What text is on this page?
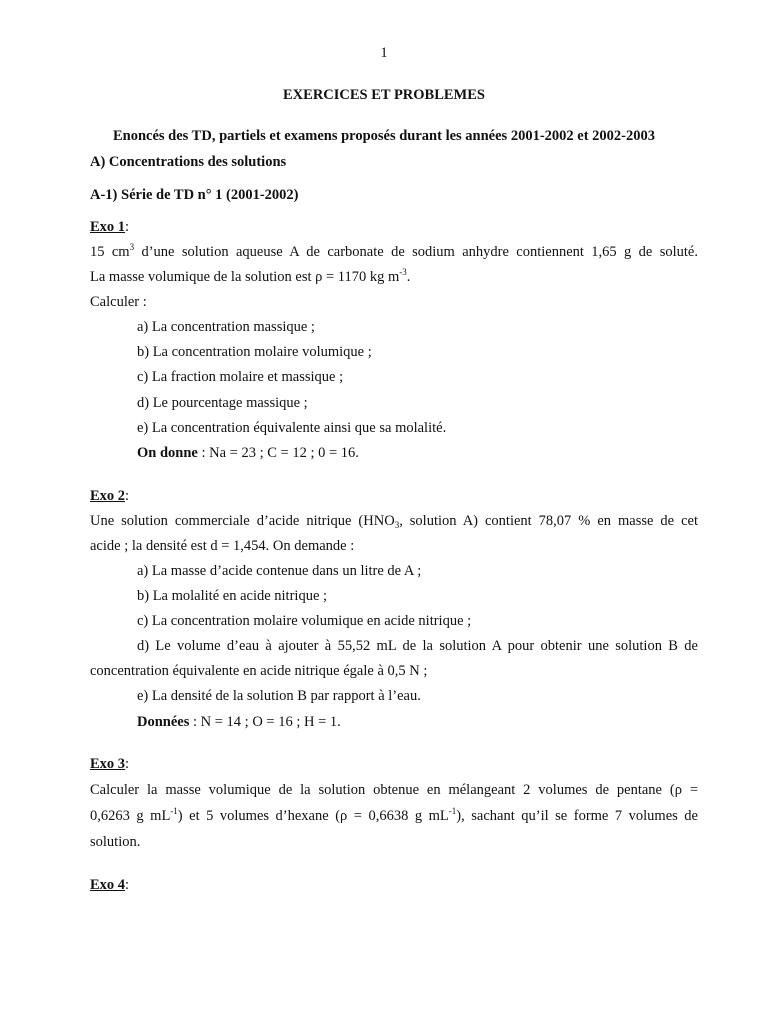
1
EXERCICES ET PROBLEMES
Enoncés des TD, partiels et examens proposés durant les années 2001-2002 et 2002-2003
A) Concentrations des solutions
A-1) Série de TD n° 1 (2001-2002)
Exo 1:
15 $cm^3$ d’une solution aqueuse A de carbonate de sodium anhydre contiennent 1,65 g de soluté.
La masse volumique de la solution est ρ = 1170 kg $m^{-3}$.
Calculer :
a) La concentration massique ;
b) La concentration molaire volumique ;
c) La fraction molaire et massique ;
d) Le pourcentage massique ;
e) La concentration équivalente ainsi que sa molalité.
On donne : Na = 23 ; C = 12 ; 0 = 16.
Exo 2:
Une solution commerciale d’acide nitrique ($HNO_3$, solution A) contient 78,07 % en masse de cet
acide ; la densité est d = 1,454. On demande :
a) La masse d’acide contenue dans un litre de A ;
b) La molalité en acide nitrique ;
c) La concentration molaire volumique en acide nitrique ;
d) Le volume d’eau à ajouter à 55,52 mL de la solution A pour obtenir une solution B de
concentration équivalente en acide nitrique égale à 0,5 N ;
e) La densité de la solution B par rapport à l’eau.
Données : N = 14 ; O = 16 ; H = 1.
Exo 3:
Calculer la masse volumique de la solution obtenue en mélangeant 2 volumes de pentane (ρ =
0,6263 g $mL^{-1}$) et 5 volumes d’hexane (ρ = 0,6638 g $mL^{-1}$), sachant qu’il se forme 7 volumes de
solution.
Exo 4:
